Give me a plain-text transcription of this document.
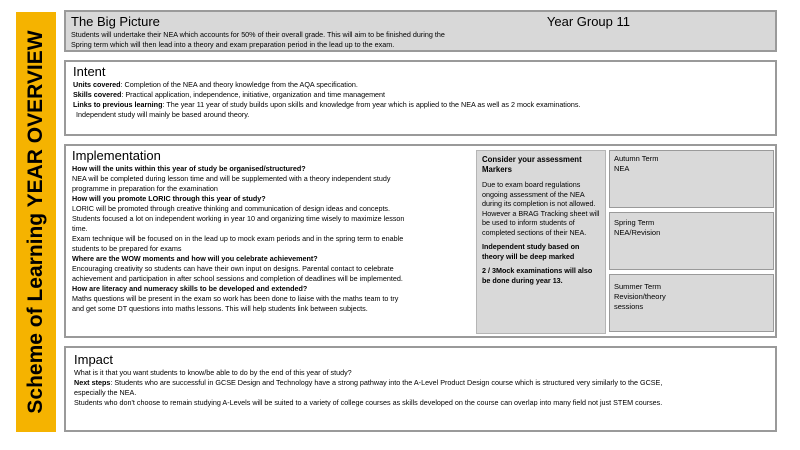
Scheme of Learning YEAR OVERVIEW
The Big Picture	Year Group 11
Students will undertake their NEA which accounts for 50% of their overall grade. This will aim to be finished during the
Spring term which will then lead into a theory and exam preparation period in the lead up to the exam.
Intent
Units covered: Completion of the NEA and theory knowledge from the AQA specification.
Skills covered: Practical application, independence, initiative, organization and time management
Links to previous learning: The year 11 year of study builds upon skills and knowledge from year which is applied to the NEA as well as 2 mock examinations.
Independent study will mainly be based around theory.
Implementation
How will the units within this year of study be organised/structured?
NEA will be completed during lesson time and will be supplemented with a theory independent study
programme in preparation for the examination
How will you promote LORIC through this year of study?
LORIC will be promoted through creative thinking and communication of design ideas and concepts.
Students focused a lot on independent working in year 10 and organizing time wisely to maximize lesson
time.
Exam technique will be focused on in the lead up to mock exam periods and in the spring term to enable
students to be prepared for exams
Where are the WOW moments and how will you celebrate achievement?
Encouraging creativity so students can have their own input on designs. Parental contact to celebrate
achievement and participation in after school sessions and completion of deadlines will be implemented.
How are literacy and numeracy skills to be developed and extended?
Maths questions will be present in the exam so work has been done to liaise with the maths team to try
and get some DT questions into maths lessons. This will help students link between subjects.
Consider your assessment Markers
Due to exam board regulations ongoing assessment of the NEA during its completion is not allowed. However a BRAG Tracking sheet will be used to inform students of completed sections of their NEA.
Independent study based on theory will be deep marked
2 / 3Mock examinations will also be done during year 13.
Autumn Term
NEA
Spring Term
NEA/Revision
Summer Term
Revision/theory
sessions
Impact
What is it that you want students to know/be able to do by the end of this year of study?
Next steps: Students who are successful in GCSE Design and Technology have a strong pathway into the A-Level Product Design course which is structured very similarly to the GCSE,
especially the NEA.
Students who don't choose to remain studying A-Levels will be suited to a variety of college courses as skills developed on the course can overlap into many field not just STEM courses.
